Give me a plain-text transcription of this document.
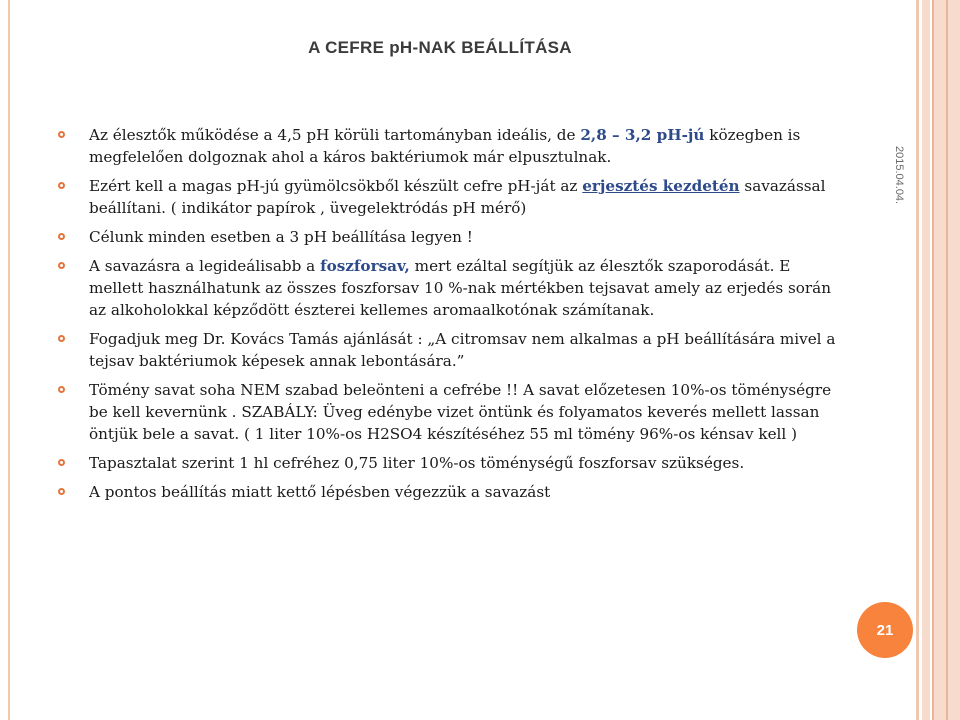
A CEFRE pH-NAK BEÁLLÍTÁSA
2015.04.04.
Az élesztők működése a 4,5 pH körüli tartományban ideális, de 2,8 – 3,2 pH-jú közegben is megfelelően dolgoznak ahol a káros baktériumok már elpusztulnak.
Ezért kell a magas pH-jú gyümölcsökből készült cefre pH-ját az erjesztés kezdetén savazással beállítani. ( indikátor papírok , üvegelektródás pH mérő)
Célunk minden esetben a 3 pH beállítása legyen !
A savazásra a legideálisabb a foszforsav, mert ezáltal segítjük az élesztők szaporodását. E mellett használhatunk az összes foszforsav 10 %-nak mértékben tejsavat amely az erjedés során az alkoholokkal képződött észterei kellemes aromaalkotónak számítanak.
Fogadjuk meg Dr. Kovács Tamás ajánlását : „A citromsav nem alkalmas a pH beállítására mivel a tejsav baktériumok képesek annak lebontására.”
Tömény savat soha NEM szabad beleönteni a cefrébe !! A savat előzetesen 10%-os töménységre be kell kevernünk . SZABÁLY: Üveg edénybe vizet öntünk és folyamatos keverés mellett lassan öntjük bele a savat. ( 1 liter 10%-os H2SO4 készítéséhez 55 ml tömény 96%-os kénsav kell )
Tapasztalat szerint 1 hl cefréhez 0,75 liter 10%-os töménységű foszforsav szükséges.
A pontos beállítás miatt kettő lépésben végezzük a savazást
21
